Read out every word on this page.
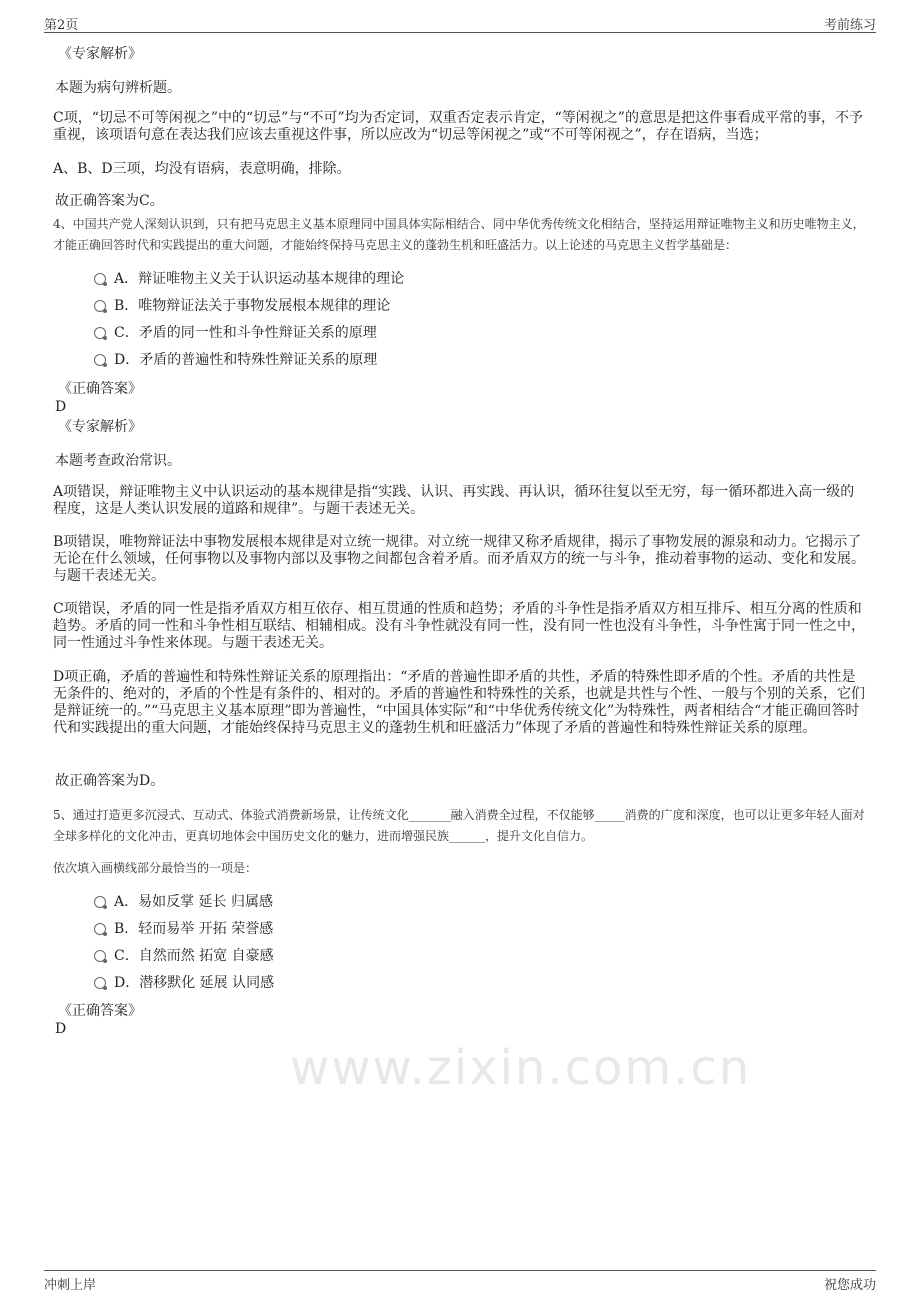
第2页	考前练习
www.zixin.com.cn
《专家解析》
本题为病句辨析题。
C项，“切忌不可等闲视之”中的“切忌”与“不可”均为否定词，双重否定表示肯定，“等闲视之”的意思是把这件事看成平常的事，不予重视，该项语句意在表达我们应该去重视这件事，所以应改为“切忌等闲视之”或“不可等闲视之”，存在语病，当选；
A、B、D三项，均没有语病，表意明确，排除。
故正确答案为C。
4、中国共产党人深刻认识到，只有把马克思主义基本原理同中国具体实际相结合、同中华优秀传统文化相结合，坚持运用辩证唯物主义和历史唯物主义，才能正确回答时代和实践提出的重大问题，才能始终保持马克思主义的蓬勃生机和旺盛活力。以上论述的马克思主义哲学基础是：
A．辩证唯物主义关于认识运动基本规律的理论
B．唯物辩证法关于事物发展根本规律的理论
C．矛盾的同一性和斗争性辩证关系的原理
D．矛盾的普遍性和特殊性辩证关系的原理
《正确答案》
D
《专家解析》
本题考查政治常识。
A项错误，辩证唯物主义中认识运动的基本规律是指“实践、认识、再实践、再认识，循环往复以至无穷，每一循环都进入高一级的程度，这是人类认识发展的道路和规律”。与题干表述无关。
B项错误，唯物辩证法中事物发展根本规律是对立统一规律。对立统一规律又称矛盾规律，揭示了事物发展的源泉和动力。它揭示了无论在什么领域，任何事物以及事物内部以及事物之间都包含着矛盾。而矛盾双方的统一与斗争，推动着事物的运动、变化和发展。与题干表述无关。
C项错误，矛盾的同一性是指矛盾双方相互依存、相互贯通的性质和趋势；矛盾的斗争性是指矛盾双方相互排斥、相互分离的性质和趋势。矛盾的同一性和斗争性相互联结、相辅相成。没有斗争性就没有同一性，没有同一性也没有斗争性，斗争性寓于同一性之中，同一性通过斗争性来体现。与题干表述无关。
D项正确，矛盾的普遍性和特殊性辩证关系的原理指出：“矛盾的普遍性即矛盾的共性，矛盾的特殊性即矛盾的个性。矛盾的共性是无条件的、绝对的，矛盾的个性是有条件的、相对的。矛盾的普遍性和特殊性的关系，也就是共性与个性、一般与个别的关系，它们是辩证统一的。”“马克思主义基本原理”即为普遍性，“中国具体实际”和“中华优秀传统文化”为特殊性，两者相结合“才能正确回答时代和实践提出的重大问题，才能始终保持马克思主义的蓬勃生机和旺盛活力”体现了矛盾的普遍性和特殊性辩证关系的原理。
故正确答案为D。
5、通过打造更多沉浸式、互动式、体验式消费新场景，让传统文化_______融入消费全过程，不仅能够_____消费的广度和深度，也可以让更多年轻人面对全球多样化的文化冲击，更真切地体会中国历史文化的魅力，进而增强民族______，提升文化自信力。
依次填入画横线部分最恰当的一项是：
A．易如反掌 延长 归属感
B．轻而易举 开拓 荣誉感
C．自然而然 拓宽 自豪感
D．潜移默化 延展 认同感
《正确答案》
D
冲刺上岸	祝您成功
